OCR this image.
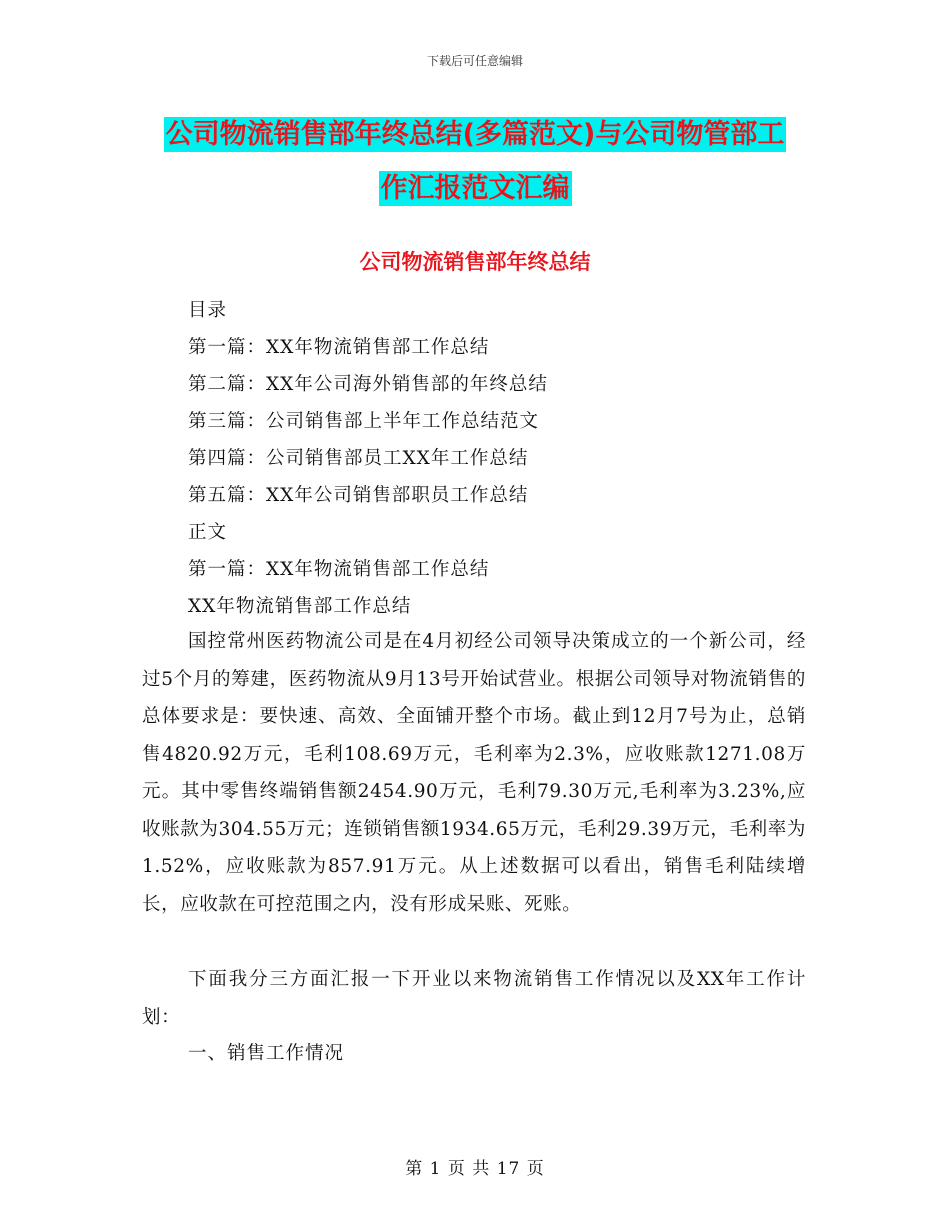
下载后可任意编辑
公司物流销售部年终总结(多篇范文)与公司物管部工
作汇报范文汇编
公司物流销售部年终总结
目录
第一篇：XX年物流销售部工作总结
第二篇：XX年公司海外销售部的年终总结
第三篇：公司销售部上半年工作总结范文
第四篇：公司销售部员工XX年工作总结
第五篇：XX年公司销售部职员工作总结
正文
第一篇：XX年物流销售部工作总结
XX年物流销售部工作总结
国控常州医药物流公司是在4月初经公司领导决策成立的一个新公司，经过5个月的筹建，医药物流从9月13号开始试营业。根据公司领导对物流销售的总体要求是：要快速、高效、全面铺开整个市场。截止到12月7号为止，总销售4820.92万元，毛利108.69万元，毛利率为2.3%，应收账款1271.08万元。其中零售终端销售额2454.90万元，毛利79.30万元,毛利率为3.23%,应收账款为304.55万元；连锁销售额1934.65万元，毛利29.39万元，毛利率为1.52%，应收账款为857.91万元。从上述数据可以看出，销售毛利陆续增长，应收款在可控范围之内，没有形成呆账、死账。
下面我分三方面汇报一下开业以来物流销售工作情况以及XX年工作计划：
一、销售工作情况
第 1 页 共 17 页
